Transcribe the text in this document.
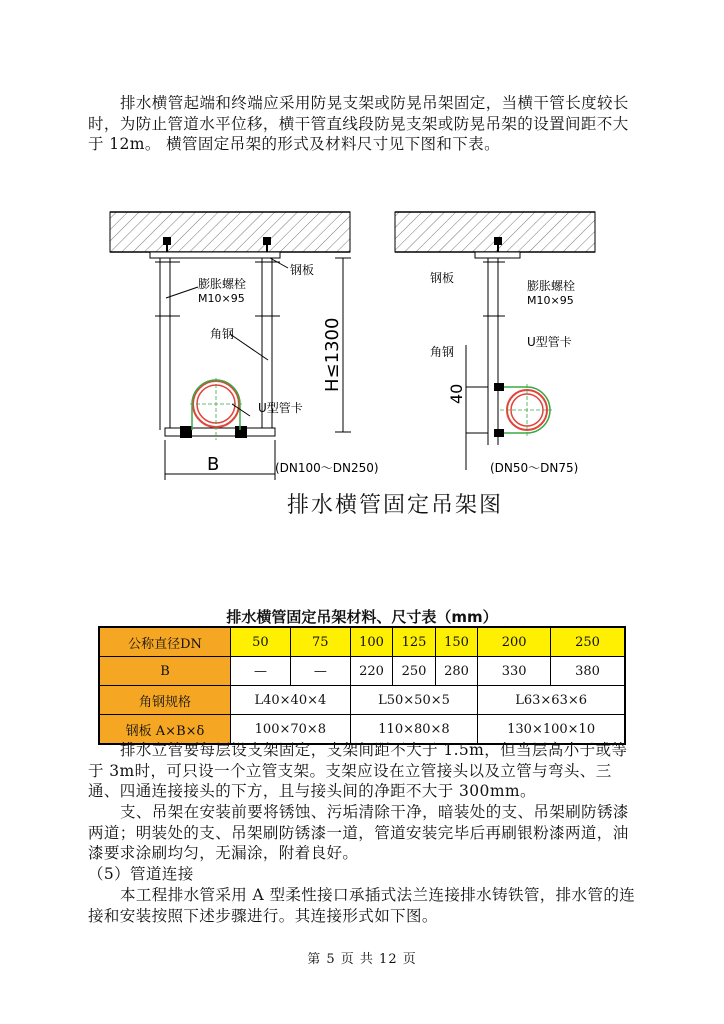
排水横管起端和终端应采用防晃支架或防晃吊架固定，当横干管长度较长时，为防止管道水平位移，横干管直线段防晃支架或防晃吊架的设置间距不大于 12m。 横管固定吊架的形式及材料尺寸见下图和下表。

钢板
膨胀螺栓
M10×95
角钢
U型管卡
H≤1300
B	(DN100～DN250)
钢板
膨胀螺栓
M10×95
角钢
U型管卡
40
(DN50～DN75)
排水横管固定吊架图
排水横管固定吊架材料、尺寸表（mm）
公称直径DN	50	75	100	125	150	200	250
B	—	—	220	250	280	330	380
角钢规格	L40×40×4		L50×50×5			L63×63×6	
钢板 A×B×δ	100×70×8		110×80×8			130×100×10	

排水立管要每层设支架固定，支架间距不大于 1.5m，但当层高小于或等于 3m时，可只设一个立管支架。支架应设在立管接头以及立管与弯头、三通、四通连接接头的下方，且与接头间的净距不大于 300mm。

支、吊架在安装前要将锈蚀、污垢清除干净，暗装处的支、吊架刷防锈漆两道；明装处的支、吊架刷防锈漆一道，管道安装完毕后再刷银粉漆两道，油漆要求涂刷均匀，无漏涂，附着良好。

（5）管道连接

本工程排水管采用 A 型柔性接口承插式法兰连接排水铸铁管，排水管的连接和安装按照下述步骤进行。其连接形式如下图。

第 5 页 共 12 页
